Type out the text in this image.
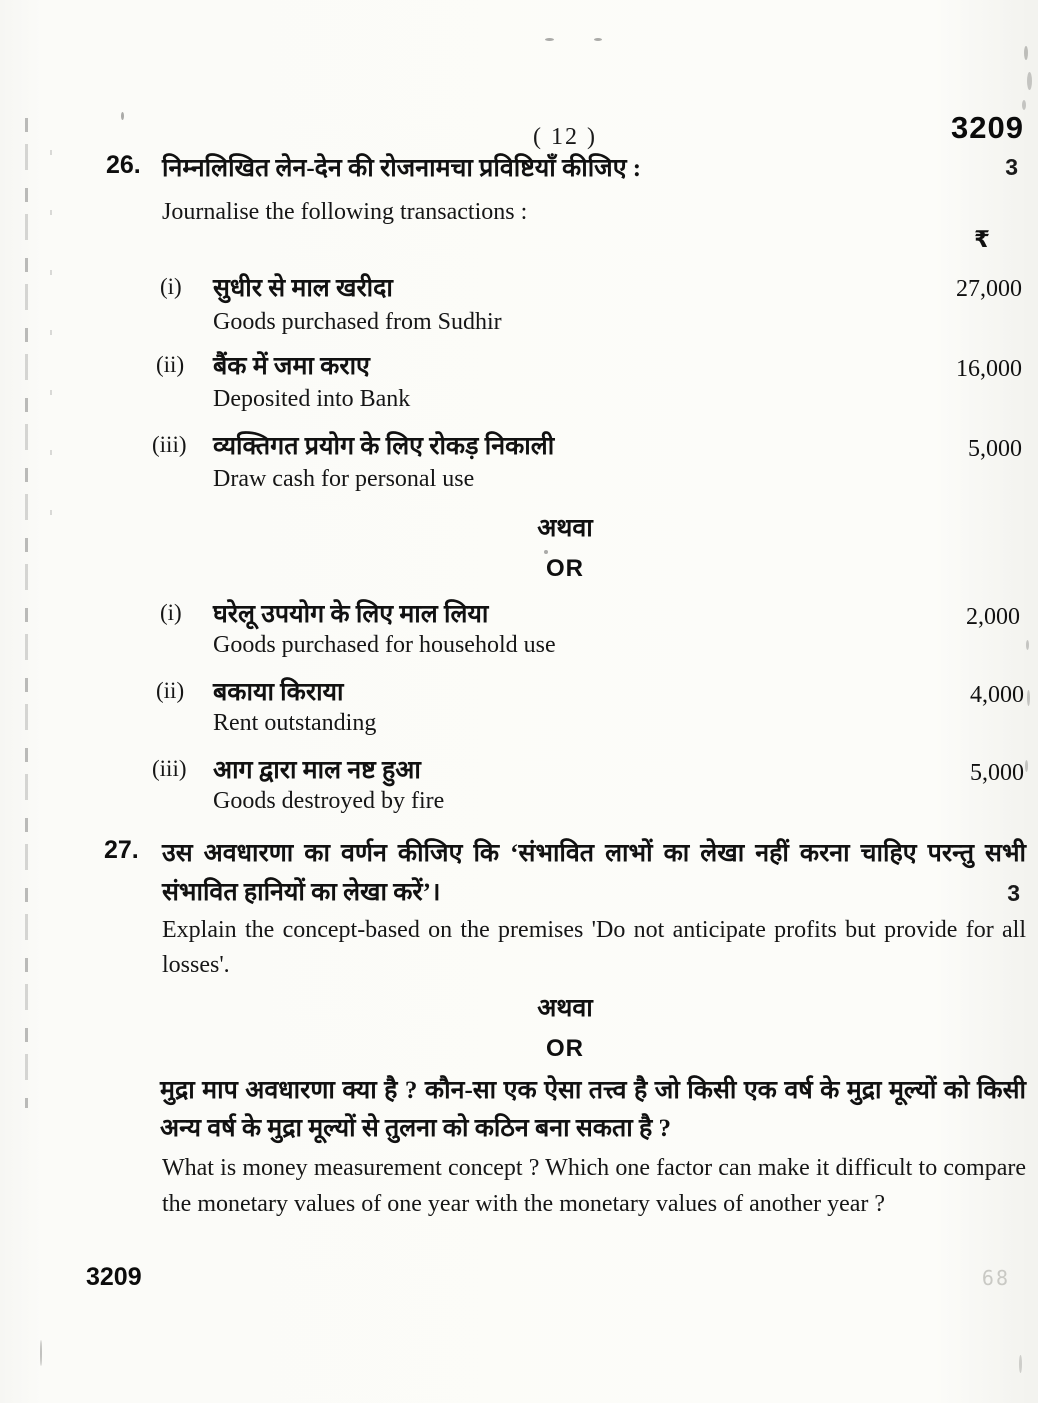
( 12 )	3209
3
26. निम्नलिखित लेन-देन की रोजनामचा प्रविष्टियाँ कीजिए :
Journalise the following transactions :
₹
(i) सुधीर से माल खरीदा
Goods purchased from Sudhir
27,000
(ii) बैंक में जमा कराए
Deposited into Bank
16,000
(iii) व्यक्तिगत प्रयोग के लिए रोकड़ निकाली
Draw cash for personal use
5,000
अथवा
OR
(i) घरेलू उपयोग के लिए माल लिया
Goods purchased for household use
2,000
(ii) बकाया किराया
Rent outstanding
4,000
(iii) आग द्वारा माल नष्ट हुआ
Goods destroyed by fire
5,000
27. उस अवधारणा का वर्णन कीजिए कि ‘संभावित लाभों का लेखा नहीं करना चाहिए परन्तु सभी संभावित हानियों का लेखा करें’।	3
Explain the concept-based on the premises 'Do not anticipate profits but provide for all losses'.
अथवा
OR
मुद्रा माप अवधारणा क्या है ? कौन-सा एक ऐसा तत्त्व है जो किसी एक वर्ष के मुद्रा मूल्यों को किसी अन्य वर्ष के मुद्रा मूल्यों से तुलना को कठिन बना सकता है ?
What is money measurement concept ? Which one factor can make it difficult to compare the monetary values of one year with the monetary values of another year ?
3209	68
